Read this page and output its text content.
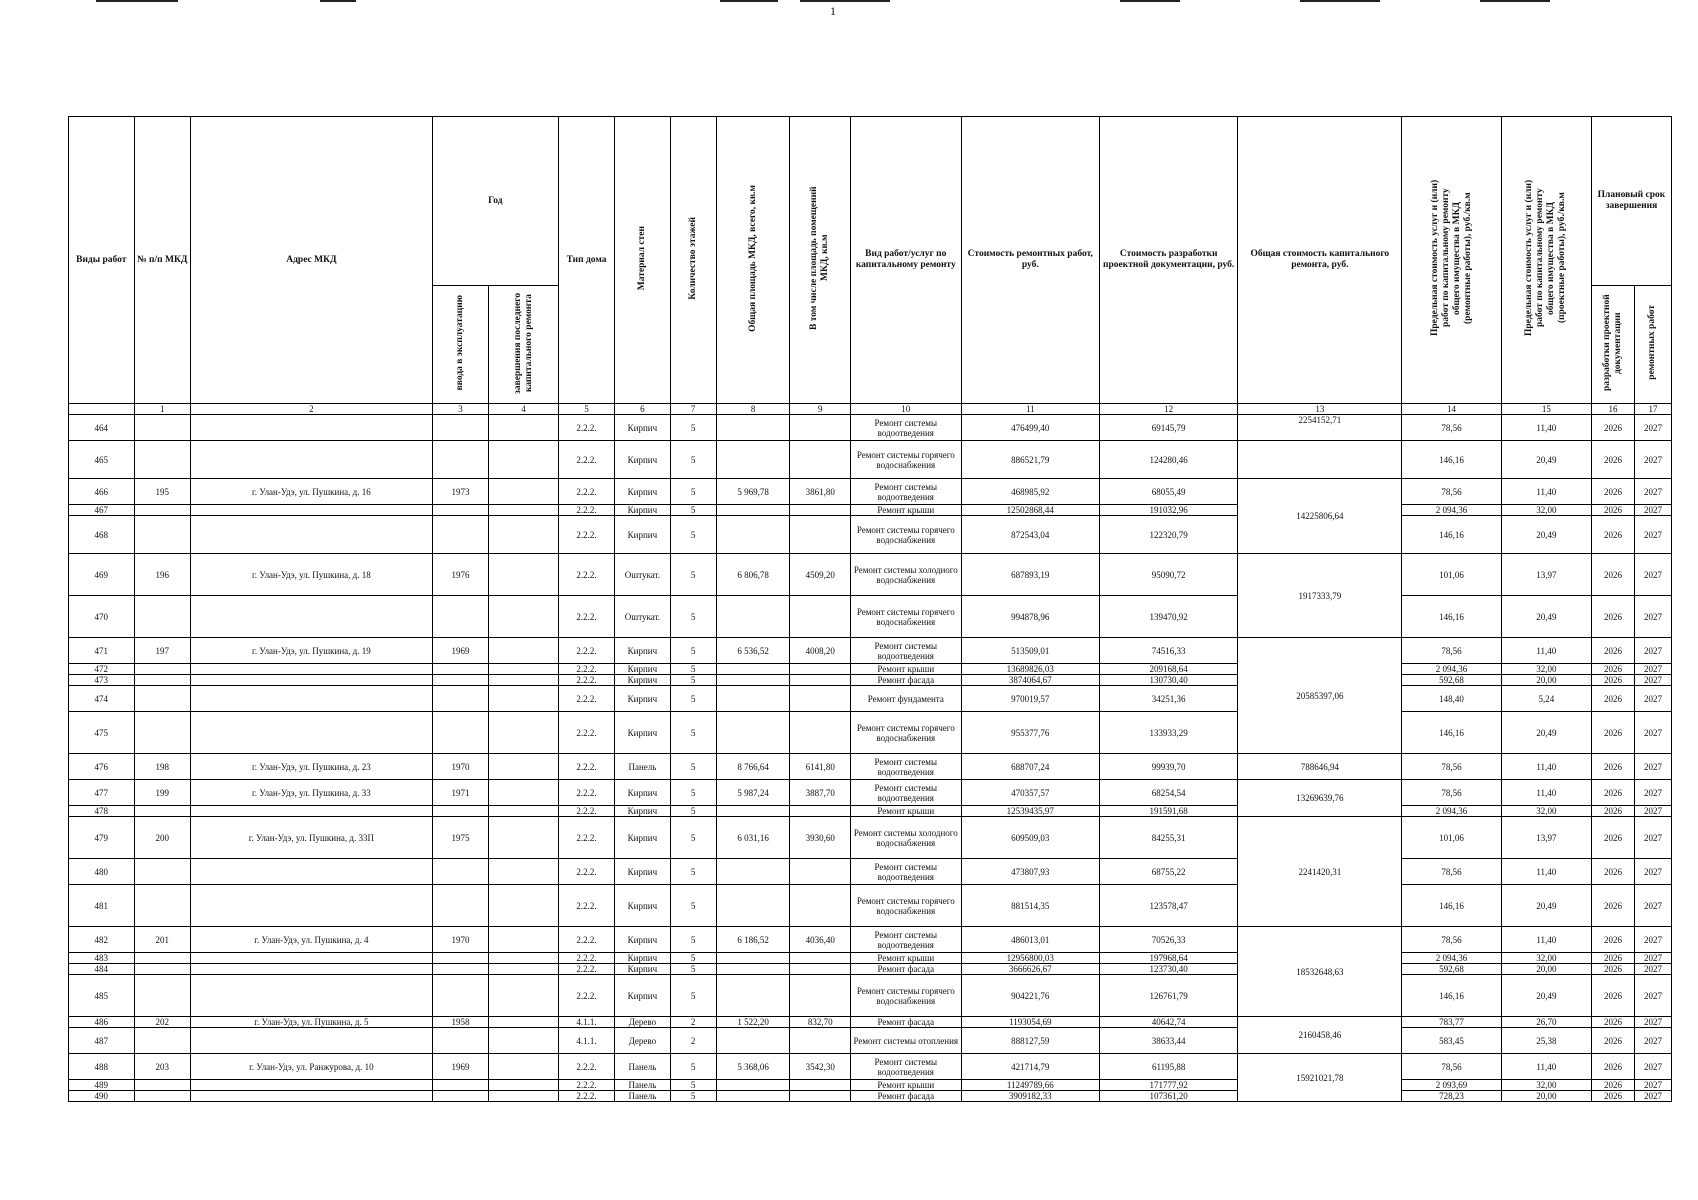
1
Виды работ	№ п/п МКД	Адрес МКД	Год		Тип дома	Материал стен	Количество этажей	Общая площадь МКД, всего, кв.м	В том числе площадь помещений МКД, кв.м	Вид работ/услуг по капитальному ремонту	Стоимость ремонтных работ, руб.	Стоимость разработки проектной документации, руб.	Общая стоимость капитального ремонта, руб.	Предельная стоимость услуг и (или) работ по капитальному ремонту общего имущества в МКД (ремонтные работы), руб./кв.м	Предельная стоимость услуг и (или) работ по капитальному ремонту общего имущества в МКД (проектные работы), руб./кв.м	Плановый срок завершения	
			ввода в эксплуатацию	завершения последнего капитального ремонта												разработки проектной документации	ремонтных работ
	1	2	3	4	5	6	7	8	9	10	11	12	13	14	15	16	17
464					2.2.2.	Кирпич	5			Ремонт системы водоотведения	476499,40	69145,79	2254152,71	78,56	11,40	2026	2027
465					2.2.2.	Кирпич	5			Ремонт системы горячего водоснабжения	886521,79	124280,46		146,16	20,49	2026	2027
466	195	г. Улан-Удэ, ул. Пушкина, д. 16	1973		2.2.2.	Кирпич	5	5 969,78	3861,80	Ремонт системы водоотведения	468985,92	68055,49	14225806,64	78,56	11,40	2026	2027
467					2.2.2.	Кирпич	5			Ремонт крыши	12502868,44	191032,96		2 094,36	32,00	2026	2027
468					2.2.2.	Кирпич	5			Ремонт системы горячего водоснабжения	872543,04	122320,79		146,16	20,49	2026	2027
469	196	г. Улан-Удэ, ул. Пушкина, д. 18	1976		2.2.2.	Оштукат.	5	6 806,78	4509,20	Ремонт системы холодного водоснабжения	687893,19	95090,72	1917333,79	101,06	13,97	2026	2027
470					2.2.2.	Оштукат.	5			Ремонт системы горячего водоснабжения	994878,96	139470,92		146,16	20,49	2026	2027
471	197	г. Улан-Удэ, ул. Пушкина, д. 19	1969		2.2.2.	Кирпич	5	6 536,52	4008,20	Ремонт системы водоотведения	513509,01	74516,33	20585397,06	78,56	11,40	2026	2027
472					2.2.2.	Кирпич	5			Ремонт крыши	13689826,03	209168,64		2 094,36	32,00	2026	2027
473					2.2.2.	Кирпич	5			Ремонт фасада	3874064,67	130730,40		592,68	20,00	2026	2027
474					2.2.2.	Кирпич	5			Ремонт фундамента	970019,57	34251,36		148,40	5,24	2026	2027
475					2.2.2.	Кирпич	5			Ремонт системы горячего водоснабжения	955377,76	133933,29		146,16	20,49	2026	2027
476	198	г. Улан-Удэ, ул. Пушкина, д. 23	1970		2.2.2.	Панель	5	8 766,64	6141,80	Ремонт системы водоотведения	688707,24	99939,70	788646,94	78,56	11,40	2026	2027
477	199	г. Улан-Удэ, ул. Пушкина, д. 33	1971		2.2.2.	Кирпич	5	5 987,24	3887,70	Ремонт системы водоотведения	470357,57	68254,54	13269639,76	78,56	11,40	2026	2027
478					2.2.2.	Кирпич	5			Ремонт крыши	12539435,97	191591,68		2 094,36	32,00	2026	2027
479	200	г. Улан-Удэ, ул. Пушкина, д. 33П	1975		2.2.2.	Кирпич	5	6 031,16	3930,60	Ремонт системы холодного водоснабжения	609509,03	84255,31	2241420,31	101,06	13,97	2026	2027
480					2.2.2.	Кирпич	5			Ремонт системы водоотведения	473807,93	68755,22		78,56	11,40	2026	2027
481					2.2.2.	Кирпич	5			Ремонт системы горячего водоснабжения	881514,35	123578,47		146,16	20,49	2026	2027
482	201	г. Улан-Удэ, ул. Пушкина, д. 4	1970		2.2.2.	Кирпич	5	6 186,52	4036,40	Ремонт системы водоотведения	486013,01	70526,33	18532648,63	78,56	11,40	2026	2027
483					2.2.2.	Кирпич	5			Ремонт крыши	12956800,03	197968,64		2 094,36	32,00	2026	2027
484					2.2.2.	Кирпич	5			Ремонт фасада	3666626,67	123730,40		592,68	20,00	2026	2027
485					2.2.2.	Кирпич	5			Ремонт системы горячего водоснабжения	904221,76	126761,79		146,16	20,49	2026	2027
486	202	г. Улан-Удэ, ул. Пушкина, д. 5	1958		4.1.1.	Дерево	2	1 522,20	832,70	Ремонт фасада	1193054,69	40642,74	2160458,46	783,77	26,70	2026	2027
487					4.1.1.	Дерево	2			Ремонт системы отопления	888127,59	38633,44		583,45	25,38	2026	2027
488	203	г. Улан-Удэ, ул. Ранжурова, д. 10	1969		2.2.2.	Панель	5	5 368,06	3542,30	Ремонт системы водоотведения	421714,79	61195,88	15921021,78	78,56	11,40	2026	2027
489					2.2.2.	Панель	5			Ремонт крыши	11249789,66	171777,92		2 093,69	32,00	2026	2027
490					2.2.2.	Панель	5			Ремонт фасада	3909182,33	107361,20		728,23	20,00	2026	2027
